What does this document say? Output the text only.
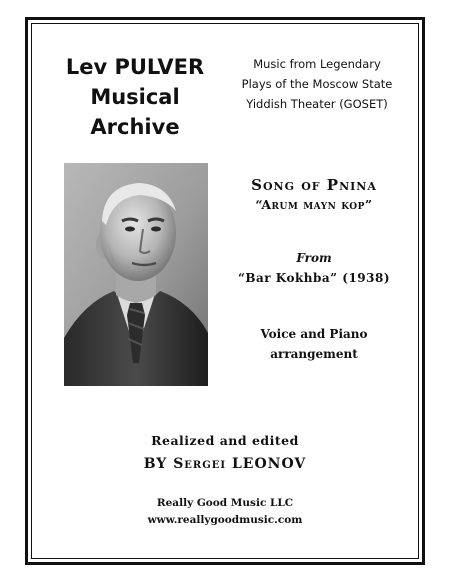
Lev PULVER
Musical
Archive

Music from Legendary
Plays of the Moscow State
Yiddish Theater (GOSET)

Song of Pnina
“Arum mayn kop”
From
“Bar Kokhba” (1938)
Voice and Piano
arrangement
Realized and edited
BY Sergei LEONOV
Really Good Music LLC
www.reallygoodmusic.com
